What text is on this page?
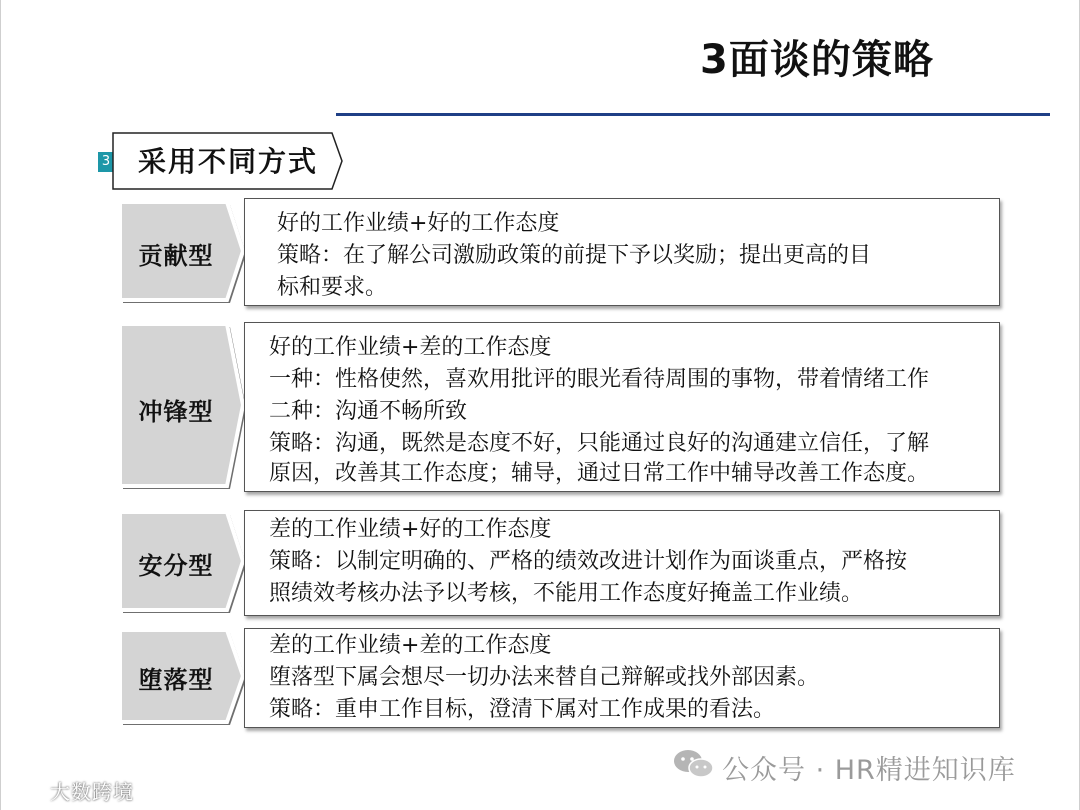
3面谈的策略
3 采用不同方式
贡献型
好的工作业绩+好的工作态度
策略：在了解公司激励政策的前提下予以奖励；提出更高的目
标和要求。
冲锋型
好的工作业绩+差的工作态度
一种：性格使然，喜欢用批评的眼光看待周围的事物，带着情绪工作
二种：沟通不畅所致
策略：沟通，既然是态度不好，只能通过良好的沟通建立信任，了解
原因，改善其工作态度；辅导，通过日常工作中辅导改善工作态度。
安分型
差的工作业绩+好的工作态度
策略：以制定明确的、严格的绩效改进计划作为面谈重点，严格按
照绩效考核办法予以考核，不能用工作态度好掩盖工作业绩。
堕落型
差的工作业绩+差的工作态度
堕落型下属会想尽一切办法来替自己辩解或找外部因素。
策略：重申工作目标，澄清下属对工作成果的看法。
公众号 · HR精进知识库
大数跨境
